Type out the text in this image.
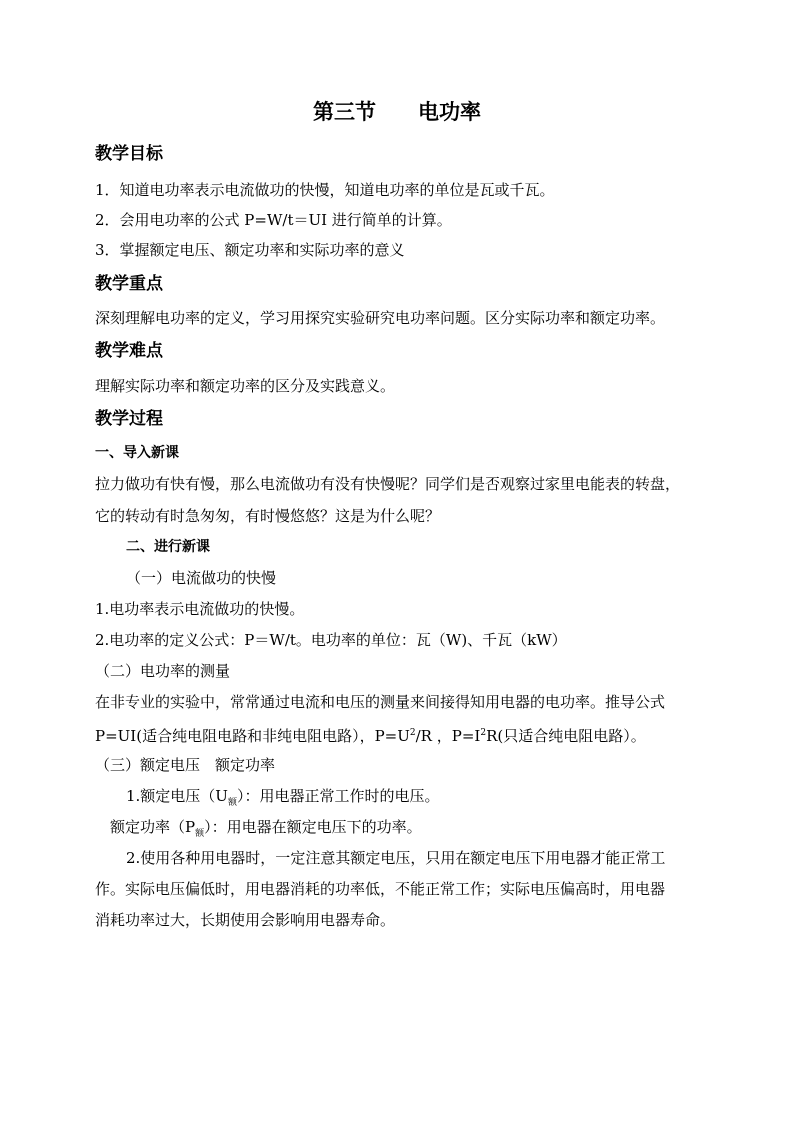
第三节　　电功率
教学目标
1．知道电功率表示电流做功的快慢，知道电功率的单位是瓦或千瓦。
2．会用电功率的公式 P=W/t＝UI 进行简单的计算。
3．掌握额定电压、额定功率和实际功率的意义
教学重点
深刻理解电功率的定义，学习用探究实验研究电功率问题。区分实际功率和额定功率。
教学难点
理解实际功率和额定功率的区分及实践意义。
教学过程
一、导入新课
拉力做功有快有慢，那么电流做功有没有快慢呢？同学们是否观察过家里电能表的转盘，
它的转动有时急匆匆，有时慢悠悠？这是为什么呢？
二、进行新课
（一）电流做功的快慢
1.电功率表示电流做功的快慢。
2.电功率的定义公式：P＝W/t。电功率的单位：瓦（W)、千瓦（kW）
（二）电功率的测量
在非专业的实验中，常常通过电流和电压的测量来间接得知用电器的电功率。推导公式
P=UI(适合纯电阻电路和非纯电阻电路），$P=U^2/R$ ，$P=I^2R$(只适合纯电阻电路）。
（三）额定电压　额定功率
1.额定电压$(U_额)$：用电器正常工作时的电压。
额定功率$(P_额)$：用电器在额定电压下的功率。
2.使用各种用电器时，一定注意其额定电压，只用在额定电压下用电器才能正常工
作。实际电压偏低时，用电器消耗的功率低，不能正常工作；实际电压偏高时，用电器
消耗功率过大，长期使用会影响用电器寿命。
